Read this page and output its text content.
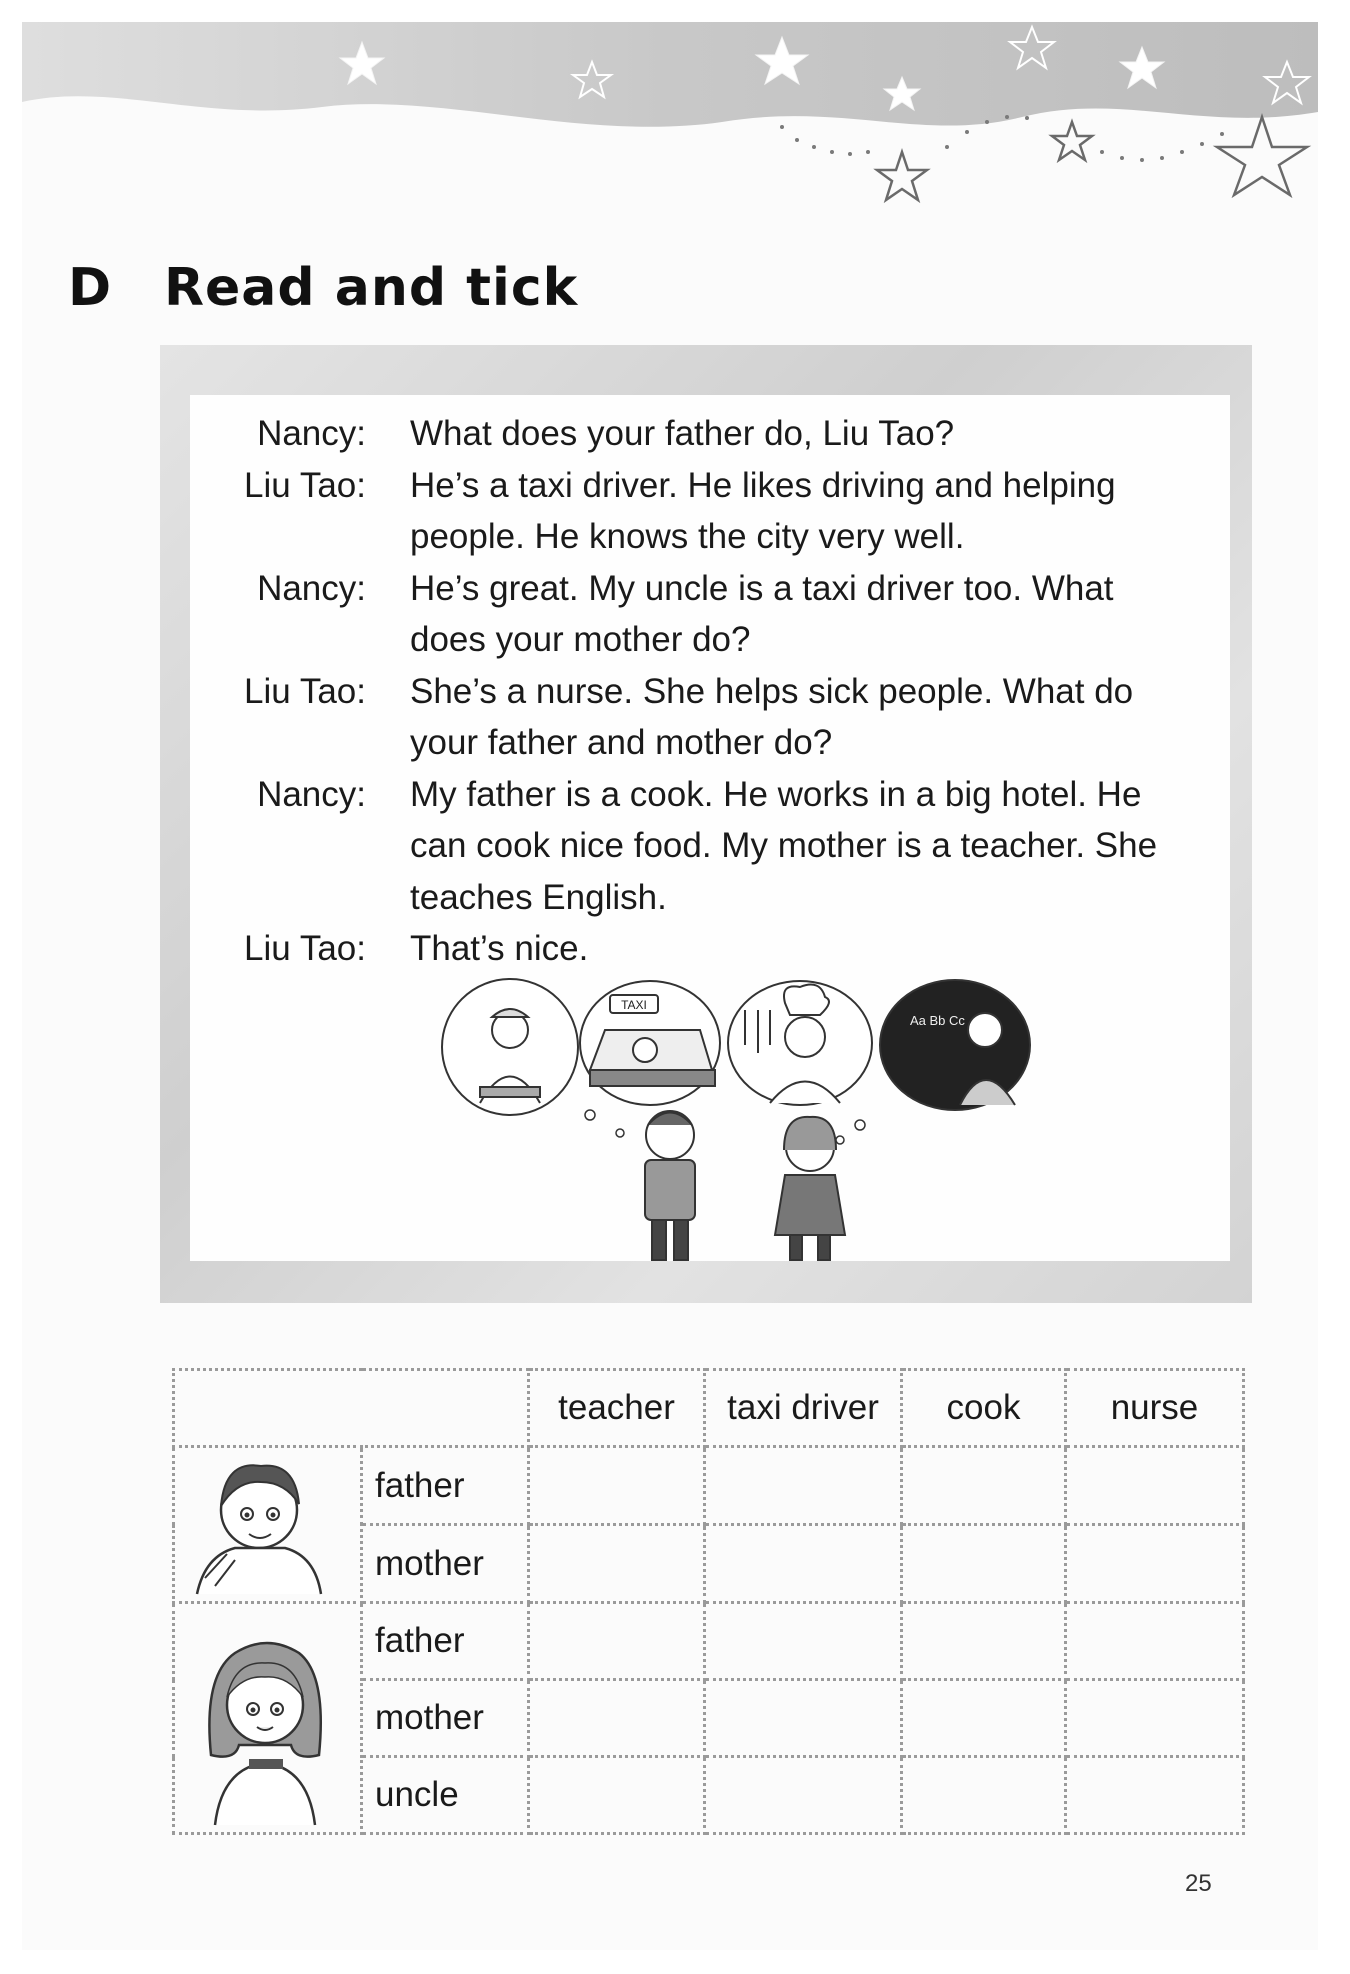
D Read and tick
Nancy:	What does your father do, Liu Tao?
Liu Tao:	He’s a taxi driver. He likes driving and helping
people. He knows the city very well.
Nancy:	He’s great. My uncle is a taxi driver too. What
does your mother do?
Liu Tao:	She’s a nurse. She helps sick people. What do
your father and mother do?
Nancy:	My father is a cook. He works in a big hotel. He
can cook nice food. My mother is a teacher. She
teaches English.
Liu Tao:	That’s nice.
TAXI
Aa Bb Cc
		teacher	taxi driver	cook	nurse
	father				
	mother				
	father				
	mother				
	uncle				
25
